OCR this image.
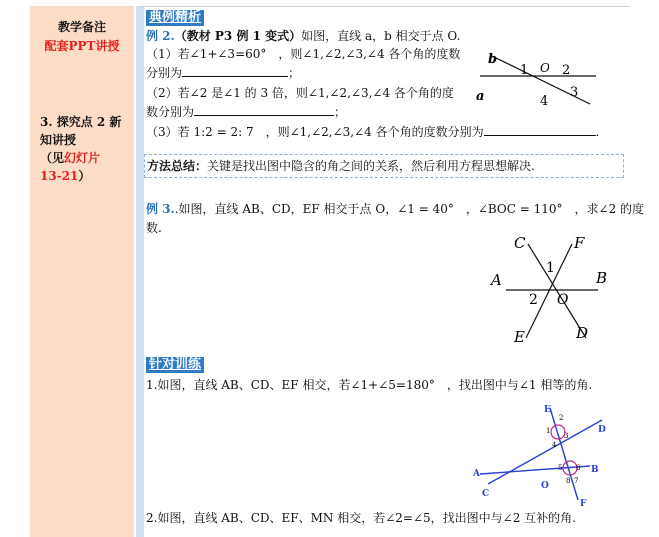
教学备注
配套PPT讲授
3. 探究点 2 新
知讲授
（见幻灯片
13-21）
典例精析
例 2.（教材 P3 例 1 变式）如图，直线 a，b 相交于点 O.
（1）若∠1+∠3=60°　，则∠1,∠2,∠3,∠4 各个角的度数
分别为	；
（2）若∠2 是∠1 的 3 倍，则∠1,∠2,∠3,∠4 各个角的度
数分别为	；
（3）若 1:2 = 2: 7　，则∠1,∠2,∠3,∠4 各个角的度数分别为	.
b
a
1 O 2
4
3
方法总结：关键是找出图中隐含的角之间的关系，然后利用方程思想解决.
例 3..如图，直线 AB、CD，EF 相交于点 O，∠1 = 40°　，∠BOC = 110°　，求∠2 的度
数.
C	F
A	B
E	D
1
2 O
针对训练
1.如图，直线 AB、CD、EF 相交，若∠1+∠5=180°　，找出图中与∠1 相等的角.
E
D
A	B
C
O
F
2
1
3
4
5 6
8 7
2.如图，直线 AB、CD、EF、MN 相交，若∠2=∠5，找出图中与∠2 互补的角.
